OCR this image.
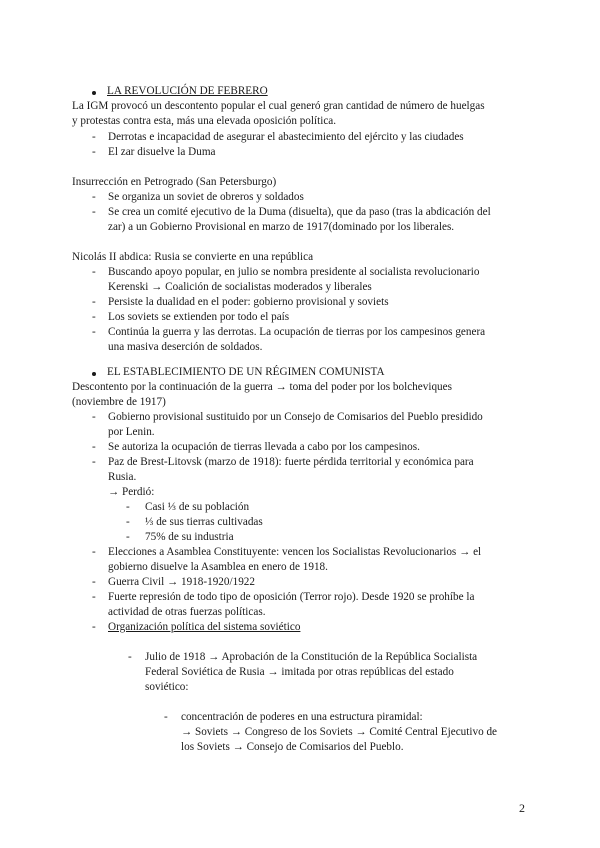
LA REVOLUCIÓN DE FEBRERO
La IGM provocó un descontento popular el cual generó gran cantidad de número de huelgas
y protestas contra esta, más una elevada oposición política.
- Derrotas e incapacidad de asegurar el abastecimiento del ejército y las ciudades
- El zar disuelve la Duma
Insurrección en Petrogrado (San Petersburgo)
- Se organiza un soviet de obreros y soldados
- Se crea un comité ejecutivo de la Duma (disuelta), que da paso (tras la abdicación del
zar) a un Gobierno Provisional en marzo de 1917(dominado por los liberales.
Nicolás II abdica: Rusia se convierte en una república
- Buscando apoyo popular, en julio se nombra presidente al socialista revolucionario
Kerenski → Coalición de socialistas moderados y liberales
- Persiste la dualidad en el poder: gobierno provisional y soviets
- Los soviets se extienden por todo el país
- Continúa la guerra y las derrotas. La ocupación de tierras por los campesinos genera
una masiva deserción de soldados.
EL ESTABLECIMIENTO DE UN RÉGIMEN COMUNISTA
Descontento por la continuación de la guerra → toma del poder por los bolcheviques
(noviembre de 1917)
- Gobierno provisional sustituido por un Consejo de Comisarios del Pueblo presidido
por Lenin.
- Se autoriza la ocupación de tierras llevada a cabo por los campesinos.
- Paz de Brest-Litovsk (marzo de 1918): fuerte pérdida territorial y económica para
Rusia.
→ Perdió:
- Casi ⅓ de su población
- ⅓ de sus tierras cultivadas
- 75% de su industria
- Elecciones a Asamblea Constituyente: vencen los Socialistas Revolucionarios → el
gobierno disuelve la Asamblea en enero de 1918.
- Guerra Civil → 1918-1920/1922
- Fuerte represión de todo tipo de oposición (Terror rojo). Desde 1920 se prohíbe la
actividad de otras fuerzas políticas.
- Organización política del sistema soviético
- Julio de 1918 → Aprobación de la Constitución de la República Socialista
Federal Soviética de Rusia → imitada por otras repúblicas del estado
soviético:
- concentración de poderes en una estructura piramidal:
→ Soviets → Congreso de los Soviets → Comité Central Ejecutivo de
los Soviets → Consejo de Comisarios del Pueblo.
2
